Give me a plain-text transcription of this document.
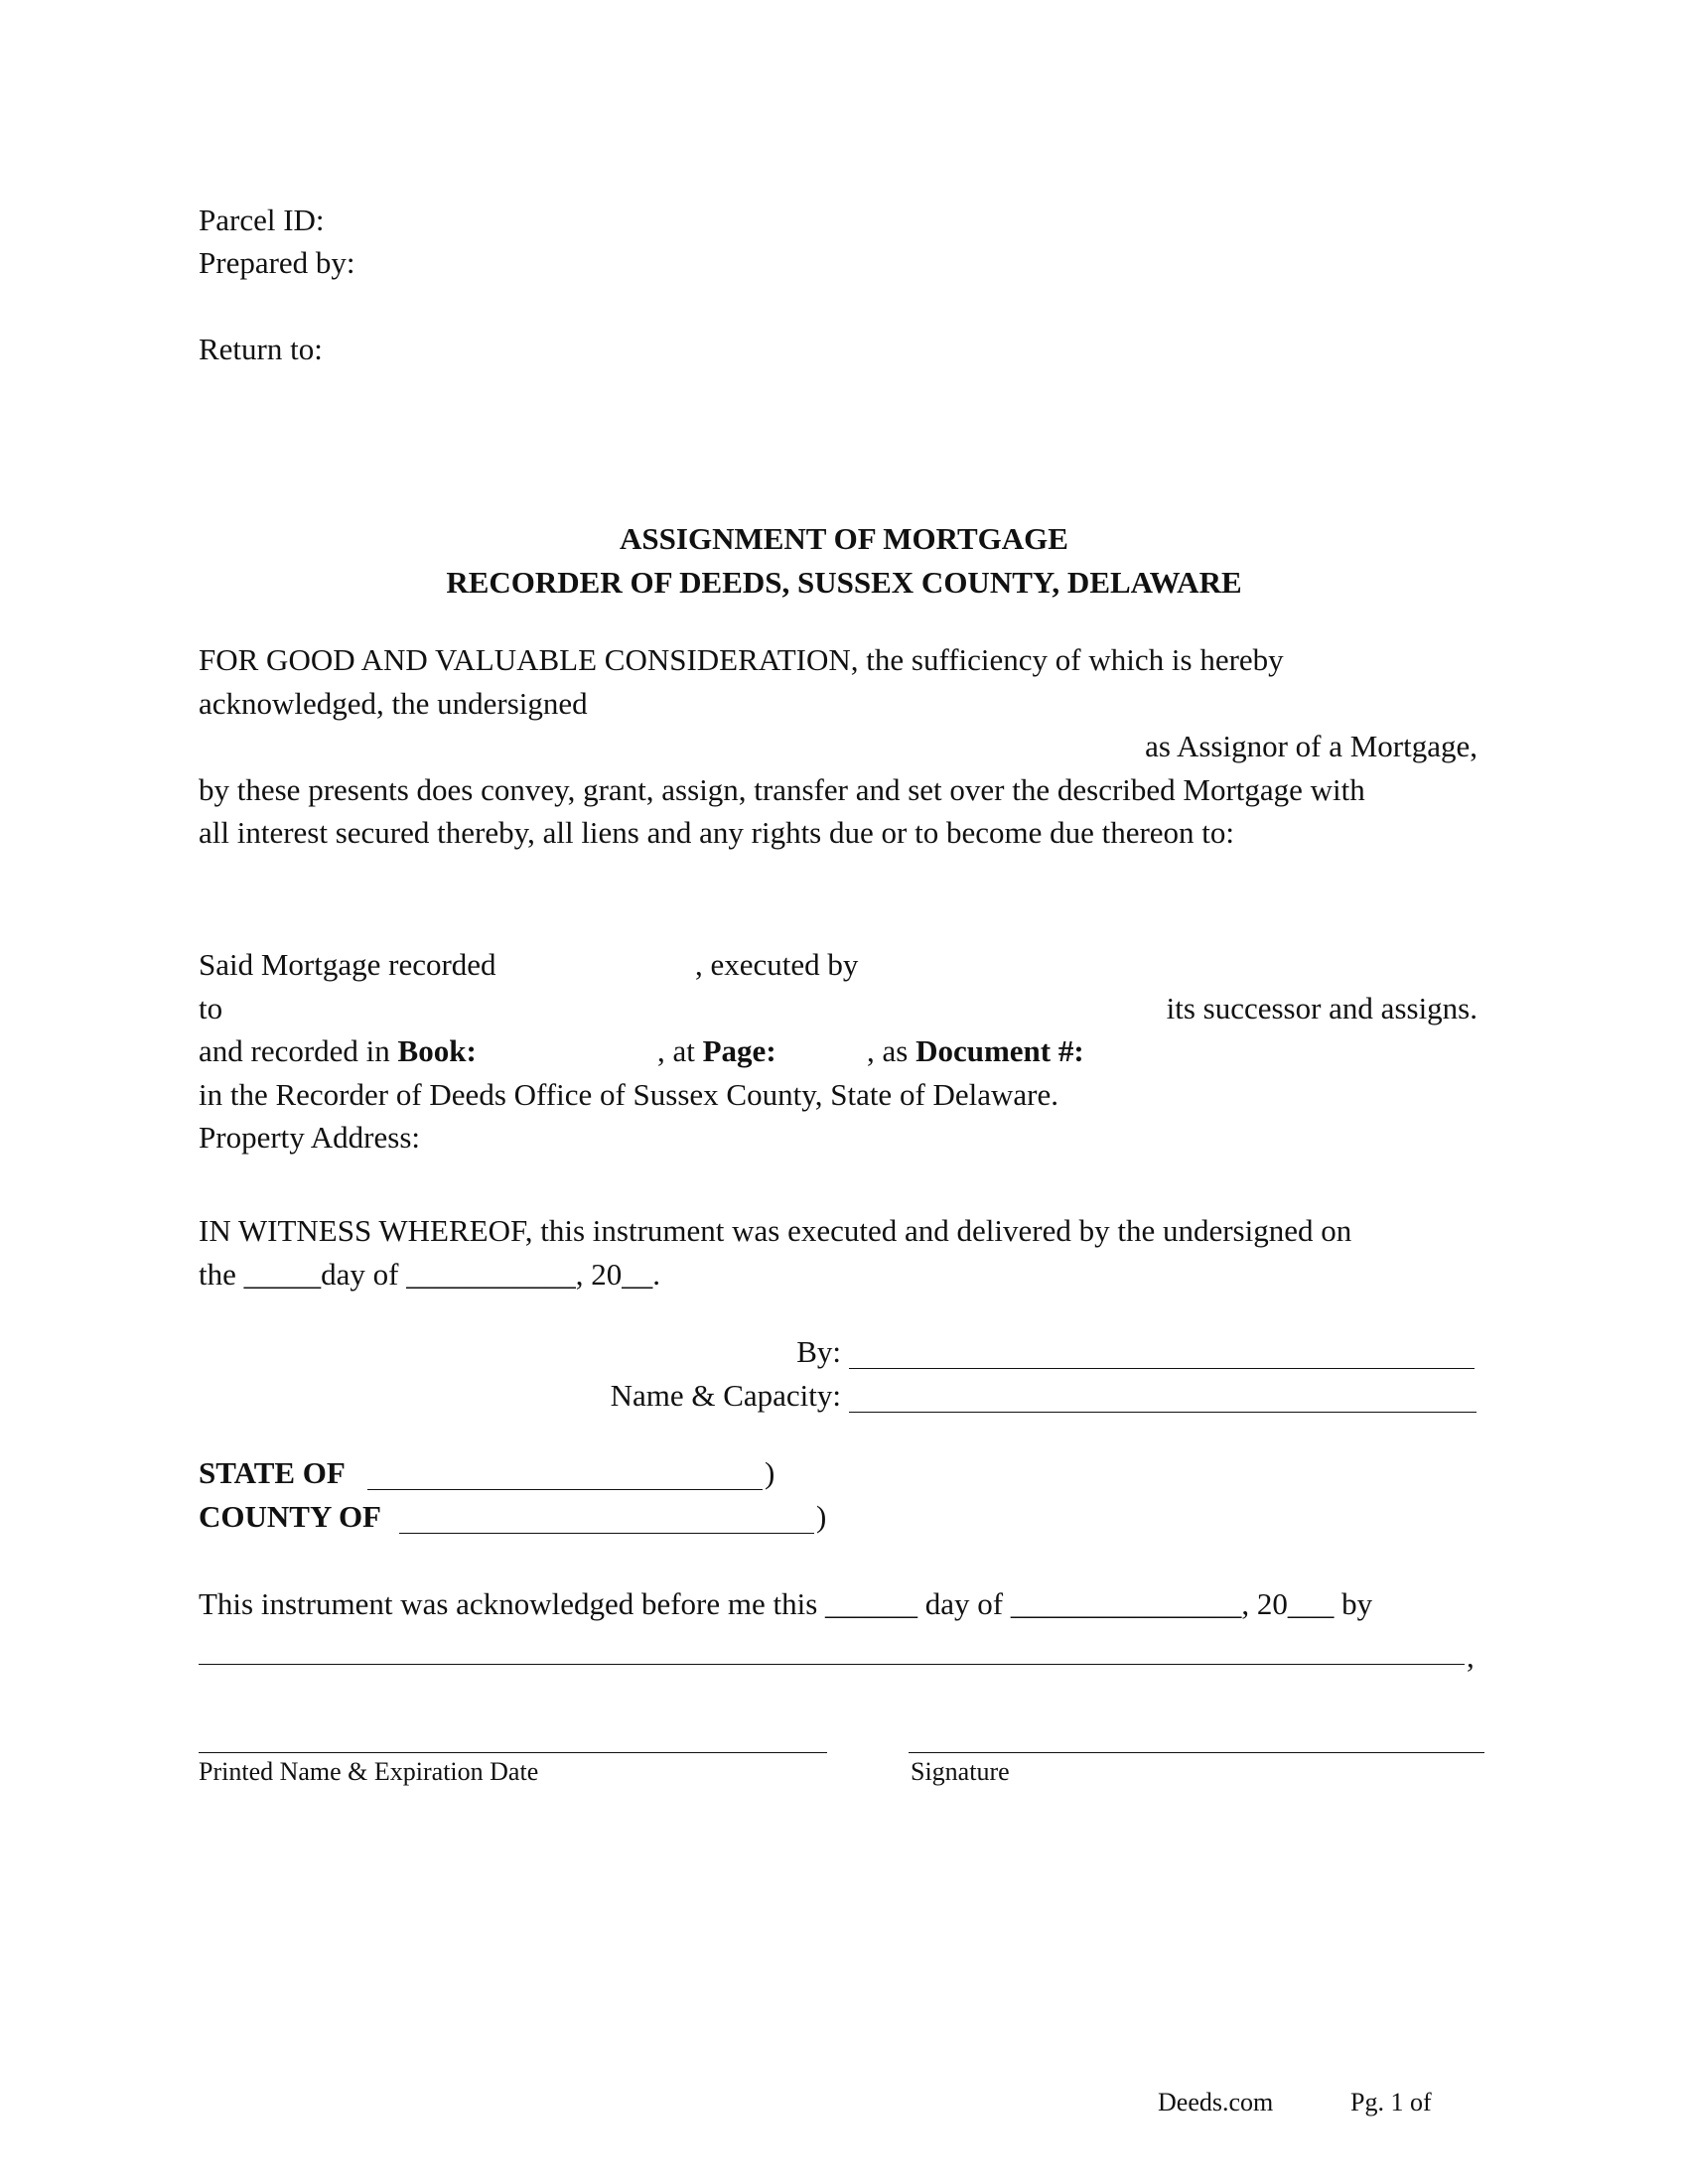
Parcel ID:
Prepared by:
Return to:
ASSIGNMENT OF MORTGAGE
RECORDER OF DEEDS, SUSSEX COUNTY, DELAWARE
FOR GOOD AND VALUABLE CONSIDERATION, the sufficiency of which is hereby
acknowledged, the undersigned
as Assignor of a Mortgage,
by these presents does convey, grant, assign, transfer and set over the described Mortgage with
all interest secured thereby, all liens and any rights due or to become due thereon to:
Said Mortgage recorded	, executed by
to	its successor and assigns.
and recorded in Book:	, at Page:	, as Document #:
in the Recorder of Deeds Office of Sussex County, State of Delaware.
Property Address:
IN WITNESS WHEREOF, this instrument was executed and delivered by the undersigned on
the _____day of ___________, 20__.
By:
Name & Capacity:
STATE OF	)
COUNTY OF	)
This instrument was acknowledged before me this ______ day of _______________, 20___ by
,
Printed Name & Expiration Date	Signature
Deeds.com	Pg. 1 of
